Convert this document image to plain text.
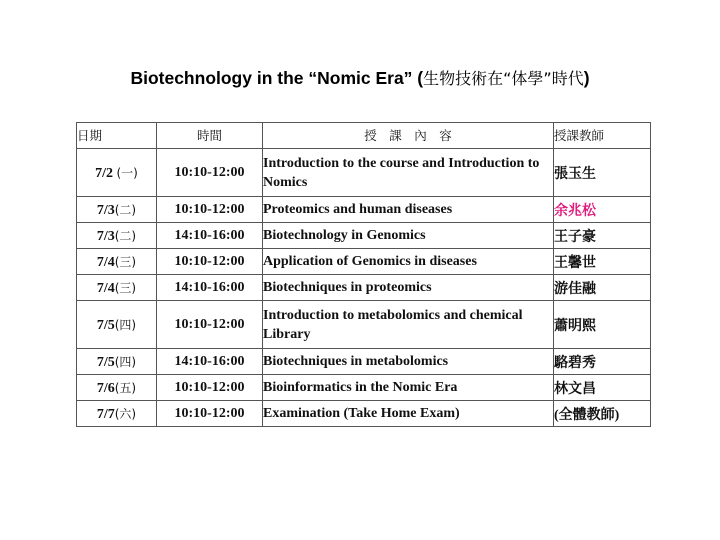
Biotechnology in the “Nomic Era” (生物技術在“体學”時代)
日期	時間	授　課　內　容	授課教師
7/2 (一)	10:10-12:00	Introduction to the course and Introduction to Nomics	張玉生
7/3(二)	10:10-12:00	Proteomics and human diseases	余兆松
7/3(二)	14:10-16:00	Biotechnology in Genomics	王子豪
7/4(三)	10:10-12:00	Application of Genomics in diseases	王馨世
7/4(三)	14:10-16:00	Biotechniques in proteomics	游佳融
7/5(四)	10:10-12:00	Introduction to metabolomics and chemical Library	蕭明熙
7/5(四)	14:10-16:00	Biotechniques in metabolomics	駱碧秀
7/6(五)	10:10-12:00	Bioinformatics in the Nomic Era	林文昌
7/7(六)	10:10-12:00	Examination (Take Home Exam)	(全體教師)
